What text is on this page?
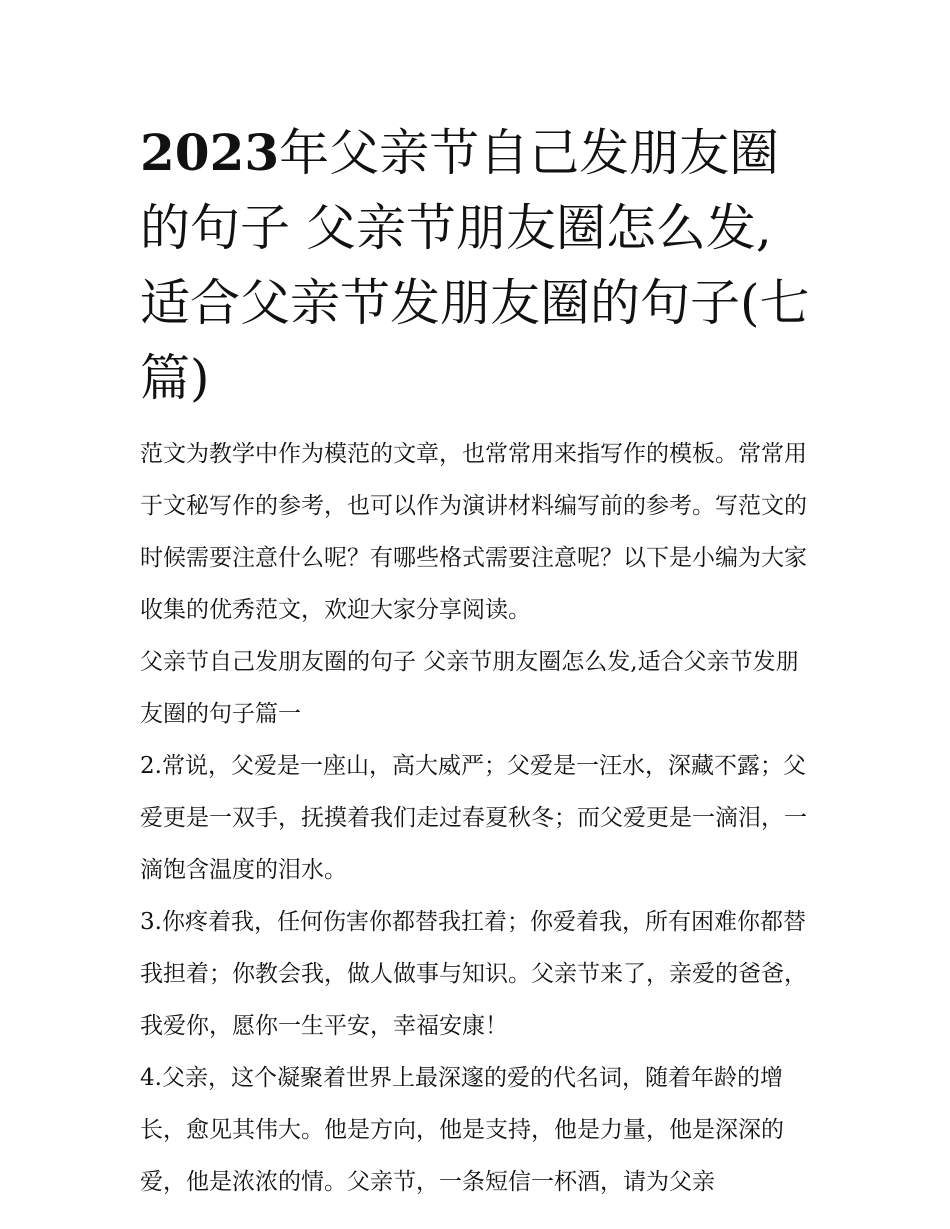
2023年父亲节自己发朋友圈的句子 父亲节朋友圈怎么发,适合父亲节发朋友圈的句子(七篇)

范文为教学中作为模范的文章，也常常用来指写作的模板。常常用于文秘写作的参考，也可以作为演讲材料编写前的参考。写范文的时候需要注意什么呢？有哪些格式需要注意呢？以下是小编为大家收集的优秀范文，欢迎大家分享阅读。

父亲节自己发朋友圈的句子 父亲节朋友圈怎么发,适合父亲节发朋友圈的句子篇一

2.常说，父爱是一座山，高大威严；父爱是一汪水，深藏不露；父爱更是一双手，抚摸着我们走过春夏秋冬；而父爱更是一滴泪，一滴饱含温度的泪水。

3.你疼着我，任何伤害你都替我扛着；你爱着我，所有困难你都替我担着；你教会我，做人做事与知识。父亲节来了，亲爱的爸爸，我爱你，愿你一生平安，幸福安康！

4.父亲，这个凝聚着世界上最深邃的爱的代名词，随着年龄的增长，愈见其伟大。他是方向，他是支持，他是力量，他是深深的爱，他是浓浓的情。父亲节，一条短信一杯酒，请为父亲
